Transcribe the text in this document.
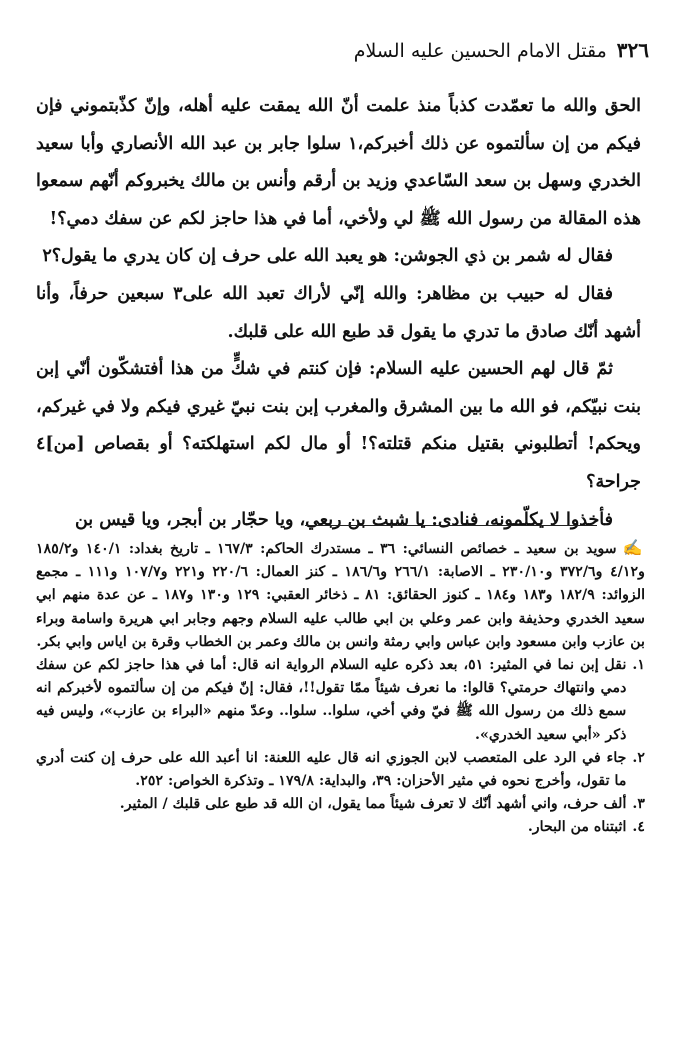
٣٢٦
مقتل الامام الحسين عليه السلام

الحق والله ما تعمّدت كذباً منذ علمت أنّ الله يمقت عليه أهله، وإنّ كذّبتموني فإن فيكم من إن سألتموه عن ذلك أخبركم،١ سلوا جابر بن عبد الله الأنصاري وأبا سعيد الخدري وسهل بن سعد السّاعدي وزيد بن أرقم وأنس بن مالك يخبروكم أنّهم سمعوا هذه المقالة من رسول الله ﷺ لي ولأخي، أما في هذا حاجز لكم عن سفك دمي؟!

فقال له شمر بن ذي الجوشن: هو يعبد الله على حرف إن كان يدري ما يقول؟٢

فقال له حبيب بن مظاهر: والله إنّي لأراك تعبد الله على٣ سبعين حرفاً، وأنا أشهد أنّك صادق ما تدري ما يقول قد طبع الله على قلبك.

ثمّ قال لهم الحسين عليه السلام: فإن كنتم في شكٍّ من هذا أفتشكّون أنّي إبن بنت نبيّكم، فو الله ما بين المشرق والمغرب إبن بنت نبيّ غيري فيكم ولا في غيركم، ويحكم! أتطلبوني بقتيل منكم قتلته؟! أو مال لكم استهلكته؟ أو بقصاص [من]٤ جراحة؟

فأخذوا لا يكلّمونه، فنادى: يا شبث بن ربعي، ويا حجّار بن أبجر، ويا قيس بن

✍سويد بن سعيد ـ خصائص النسائي: ٣٦ ـ مستدرك الحاكم: ١٦٧/٣ ـ تاريخ بغداد: ١٤٠/١ و١٨٥/٢ و٤/١٢ و٣٧٢/٦ و٢٣٠/١٠ ـ الاصابة: ٢٦٦/١ و١٨٦/٦ ـ كنز العمال: ٢٢٠/٦ و٢٢١ و١٠٧/٧ و١١١ ـ مجمع الزوائد: ١٨٢/٩ و١٨٣ و١٨٤ ـ كنوز الحقائق: ٨١ ـ ذخائر العقبي: ١٢٩ و١٣٠ و١٨٧ ـ عن عدة منهم ابي سعيد الخدري وحذيفة وابن عمر وعلي بن ابي طالب عليه السلام وجهم وجابر ابي هريرة واسامة وبراء بن عازب وابن مسعود وابن عباس وابي رمثة وانس بن مالك وعمر بن الخطاب وقرة بن اياس وابي بكر.

١.
نقل إبن نما في المثير: ٥١، بعد ذكره عليه السلام الرواية انه قال: أما في هذا حاجز لكم عن سفك دمي وانتهاك حرمتي؟ قالوا: ما نعرف شيئاً ممّا تقول!!، فقال: إنّ فيكم من إن سألتموه لأخبركم انه سمع ذلك من رسول الله ﷺ فيّ وفي أخي، سلوا.. سلوا.. وعدّ منهم «البراء بن عازب»، وليس فيه ذكر «أبي سعيد الخدري».
٢.
جاء في الرد على المتعصب لابن الجوزي انه قال عليه اللعنة: انا أعبد الله على حرف إن كنت أدري ما تقول، وأخرج نحوه في مثير الأحزان: ٣٩، والبداية: ١٧٩/٨ ـ وتذكرة الخواص: ٢٥٢.
٣.
ألف حرف، واني أشهد أنّك لا تعرف شيئاً مما يقول، ان الله قد طبع على قلبك / المثير.
٤.
اثبتناه من البحار.
